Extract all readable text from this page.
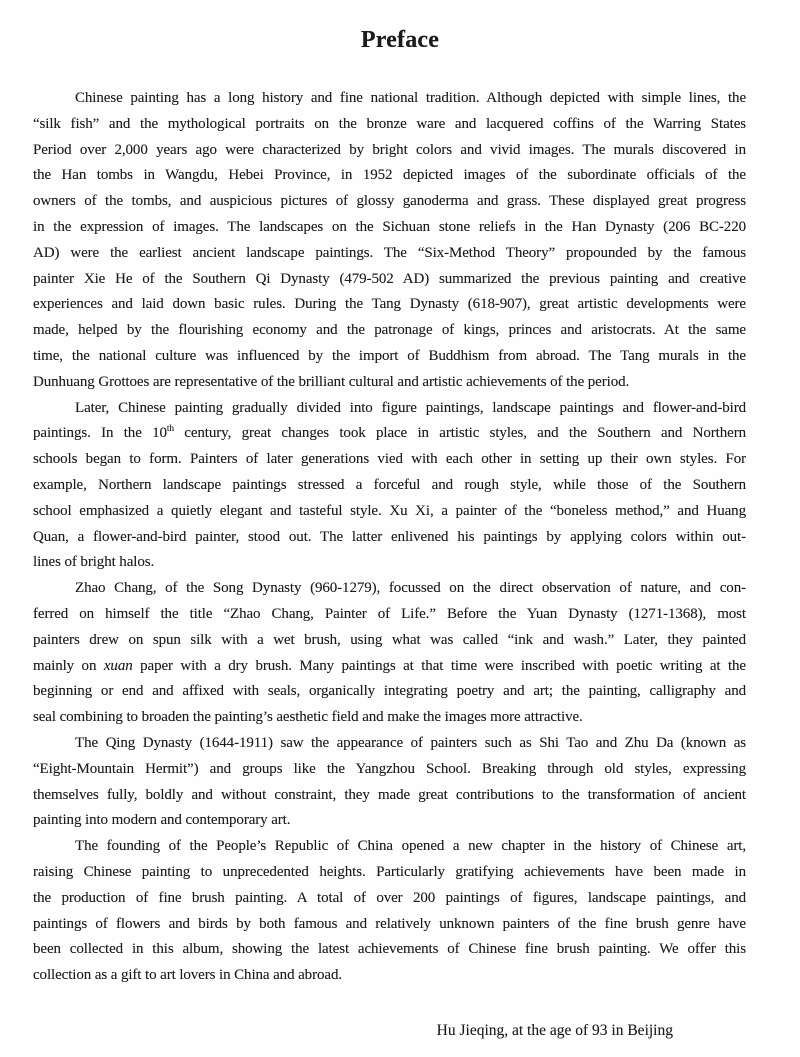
Preface
Chinese painting has a long history and fine national tradition. Although depicted with simple lines, the
“silk fish” and the mythological portraits on the bronze ware and lacquered coffins of the Warring States
Period over 2,000 years ago were characterized by bright colors and vivid images. The murals discovered in
the Han tombs in Wangdu, Hebei Province, in 1952 depicted images of the subordinate officials of the
owners of the tombs, and auspicious pictures of glossy ganoderma and grass. These displayed great progress
in the expression of images. The landscapes on the Sichuan stone reliefs in the Han Dynasty (206 BC-220
AD) were the earliest ancient landscape paintings. The “Six-Method Theory” propounded by the famous
painter Xie He of the Southern Qi Dynasty (479-502 AD) summarized the previous painting and creative
experiences and laid down basic rules. During the Tang Dynasty (618-907), great artistic developments were
made, helped by the flourishing economy and the patronage of kings, princes and aristocrats. At the same
time, the national culture was influenced by the import of Buddhism from abroad. The Tang murals in the
Dunhuang Grottoes are representative of the brilliant cultural and artistic achievements of the period.
Later, Chinese painting gradually divided into figure paintings, landscape paintings and flower-and-bird
paintings. In the 10th century, great changes took place in artistic styles, and the Southern and Northern
schools began to form. Painters of later generations vied with each other in setting up their own styles. For
example, Northern landscape paintings stressed a forceful and rough style, while those of the Southern
school emphasized a quietly elegant and tasteful style. Xu Xi, a painter of the “boneless method,” and Huang
Quan, a flower-and-bird painter, stood out. The latter enlivened his paintings by applying colors within out-
lines of bright halos.
Zhao Chang, of the Song Dynasty (960-1279), focussed on the direct observation of nature, and con-
ferred on himself the title “Zhao Chang, Painter of Life.” Before the Yuan Dynasty (1271-1368), most
painters drew on spun silk with a wet brush, using what was called “ink and wash.” Later, they painted
mainly on xuan paper with a dry brush. Many paintings at that time were inscribed with poetic writing at the
beginning or end and affixed with seals, organically integrating poetry and art; the painting, calligraphy and
seal combining to broaden the painting’s aesthetic field and make the images more attractive.
The Qing Dynasty (1644-1911) saw the appearance of painters such as Shi Tao and Zhu Da (known as
“Eight-Mountain Hermit”) and groups like the Yangzhou School. Breaking through old styles, expressing
themselves fully, boldly and without constraint, they made great contributions to the transformation of ancient
painting into modern and contemporary art.
The founding of the People’s Republic of China opened a new chapter in the history of Chinese art,
raising Chinese painting to unprecedented heights. Particularly gratifying achievements have been made in
the production of fine brush painting. A total of over 200 paintings of figures, landscape paintings, and
paintings of flowers and birds by both famous and relatively unknown painters of the fine brush genre have
been collected in this album, showing the latest achievements of Chinese fine brush painting. We offer this
collection as a gift to art lovers in China and abroad.
Hu Jieqing, at the age of 93 in Beijing
